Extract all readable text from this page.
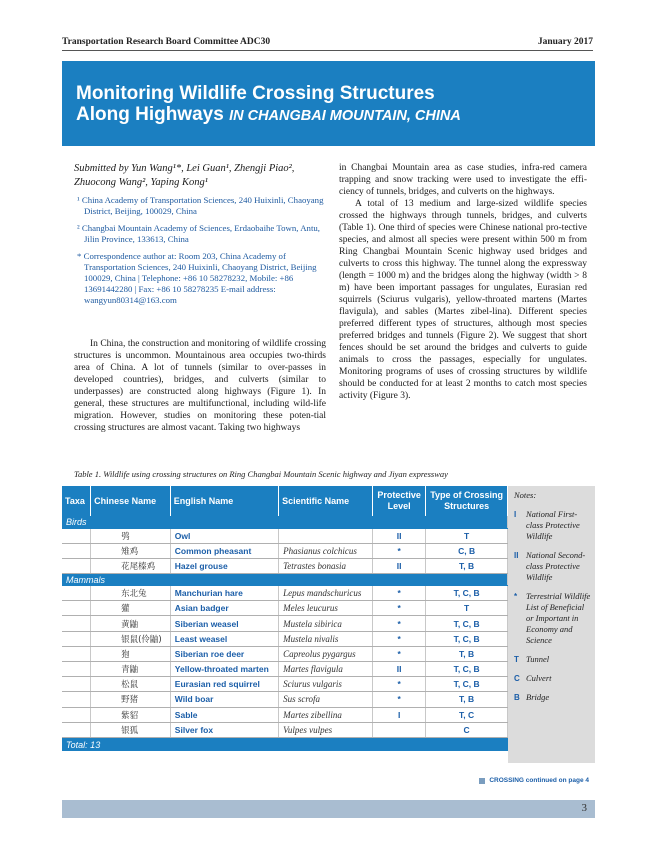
Transportation Research Board Committee ADC30	January 2017
Monitoring Wildlife Crossing Structures
Along Highways IN CHANGBAI MOUNTAIN, CHINA
Submitted by Yun Wang¹*, Lei Guan¹, Zhengji Piao²,
Zhuocong Wang², Yaping Kong¹
¹ China Academy of Transportation Sciences, 240 Huixinli, Chaoyang District, Beijing, 100029, China
² Changbai Mountain Academy of Sciences, Erdaobaihe Town, Antu, Jilin Province, 133613, China
* Correspondence author at: Room 203, China Academy of Transportation Sciences, 240 Huixinli, Chaoyang District, Beijing 100029, China | Telephone: +86 10 58278232, Mobile: +86 13691442280 | Fax: +86 10 58278235 E-mail address: wangyun80314@163.com

In China, the construction and monitoring of wildlife crossing structures is uncommon. Mountainous area occupies two-thirds area of China. A lot of tunnels (similar to over-passes in developed countries), bridges, and culverts (similar to underpasses) are constructed along highways (Figure 1). In general, these structures are multifunctional, including wild-life migration. However, studies on monitoring these poten-tial crossing structures are almost vacant. Taking two highways

in Changbai Mountain area as case studies, infra-red camera trapping and snow tracking were used to investigate the effi-ciency of tunnels, bridges, and culverts on the highways.

A total of 13 medium and large-sized wildlife species crossed the highways through tunnels, bridges, and culverts (Table 1). One third of species were Chinese national pro-tective species, and almost all species were present within 500 m from Ring Changbai Mountain Scenic highway used bridges and culverts to cross this highway. The tunnel along the expressway (length = 1000 m) and the bridges along the highway (width > 8 m) have been important passages for ungulates, Eurasian red squirrels (Sciurus vulgaris), yellow-throated martens (Martes flavigula), and sables (Martes zibel-lina). Different species preferred different types of structures, although most species preferred bridges and tunnels (Figure 2). We suggest that short fences should be set around the bridges and culverts to guide animals to cross the passages, especially for ungulates. Monitoring programs of uses of crossing structures by wildlife should be conducted for at least 2 months to catch most species activity (Figure 3).

Table 1. Wildlife using crossing structures on Ring Changbai Mountain Scenic highway and Jiyan expressway
Taxa	Chinese Name	English Name	Scientific Name	Protective Level	Type of Crossing Structures
Birds					
	鸮	Owl		II	T
	雉鸡	Common pheasant	Phasianus colchicus	*	C, B
	花尾榛鸡	Hazel grouse	Tetrastes bonasia	II	T, B
Mammals					
	东北兔	Manchurian hare	Lepus mandschuricus	*	T, C, B
	獾	Asian badger	Meles leucurus	*	T
	黄鼬	Siberian weasel	Mustela sibirica	*	T, C, B
	银鼠(伶鼬)	Least weasel	Mustela nivalis	*	T, C, B
	狍	Siberian roe deer	Capreolus pygargus	*	T, B
	青鼬	Yellow-throated marten	Martes flavigula	II	T, C, B
	松鼠	Eurasian red squirrel	Sciurus vulgaris	*	T, C, B
	野猪	Wild boar	Sus scrofa	*	T, B
	紫貂	Sable	Martes zibellina	I	T, C
	银狐	Silver fox	Vulpes vulpes		C
Total: 13					
Notes:
I	National First-class Protective Wildlife
II National Second-class Protective Wildlife
*	Terrestrial Wildlife List of Beneficial or Important in Economy and Science
T Tunnel
C Culvert
B Bridge
CROSSING continued on page 4
3
